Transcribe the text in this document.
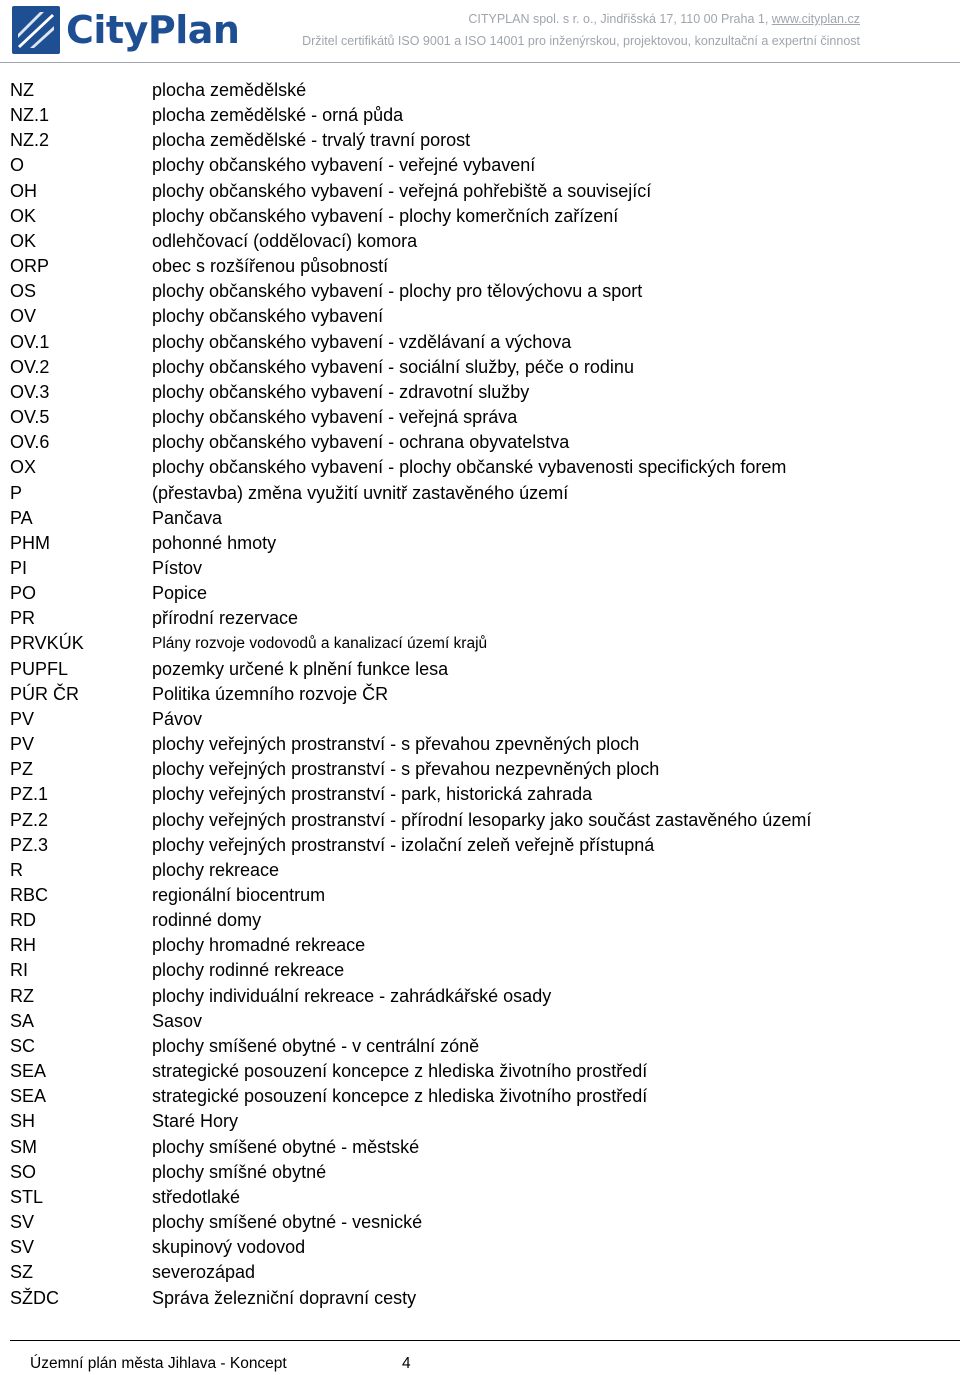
CityPlan	CITYPLAN spol. s r. o., Jindřišská 17, 110 00 Praha 1, www.cityplan.cz
Držitel certifikátů ISO 9001 a ISO 14001 pro inženýrskou, projektovou, konzultační a expertní činnost
NZ	plocha zemědělské
NZ.1	plocha zemědělské - orná půda
NZ.2	plocha zemědělské - trvalý travní porost
O	plochy občanského vybavení - veřejné vybavení
OH	plochy občanského vybavení - veřejná pohřebiště a související
OK	plochy občanského vybavení - plochy komerčních zařízení
OK	odlehčovací (oddělovací) komora
ORP	obec s rozšířenou působností
OS	plochy občanského vybavení - plochy pro tělovýchovu a sport
OV	plochy občanského vybavení
OV.1	plochy občanského vybavení - vzdělávaní a výchova
OV.2	plochy občanského vybavení - sociální služby, péče o rodinu
OV.3	plochy občanského vybavení - zdravotní služby
OV.5	plochy občanského vybavení - veřejná správa
OV.6	plochy občanského vybavení - ochrana obyvatelstva
OX	plochy občanského vybavení - plochy občanské vybavenosti specifických forem
P	(přestavba) změna využití uvnitř zastavěného území
PA	Pančava
PHM	pohonné hmoty
PI	Pístov
PO	Popice
PR	přírodní rezervace
PRVKÚK	Plány rozvoje vodovodů a kanalizací území krajů
PUPFL	pozemky určené k plnění funkce lesa
PÚR ČR	Politika územního rozvoje ČR
PV	Pávov
PV	plochy veřejných prostranství - s převahou zpevněných ploch
PZ	plochy veřejných prostranství - s převahou nezpevněných ploch
PZ.1	plochy veřejných prostranství - park, historická zahrada
PZ.2	plochy veřejných prostranství - přírodní lesoparky jako součást zastavěného území
PZ.3	plochy veřejných prostranství - izolační zeleň veřejně přístupná
R	plochy rekreace
RBC	regionální biocentrum
RD	rodinné domy
RH	plochy hromadné rekreace
RI	plochy rodinné rekreace
RZ	plochy individuální rekreace - zahrádkářské osady
SA	Sasov
SC	plochy smíšené obytné - v centrální zóně
SEA	strategické posouzení koncepce z hlediska životního prostředí
SEA	strategické posouzení koncepce z hlediska životního prostředí
SH	Staré Hory
SM	plochy smíšené obytné - městské
SO	plochy smíšné obytné
STL	středotlaké
SV	plochy smíšené obytné - vesnické
SV	skupinový vodovod
SZ	severozápad
SŽDC	Správa železniční dopravní cesty
Územní plán města Jihlava - Koncept	4
